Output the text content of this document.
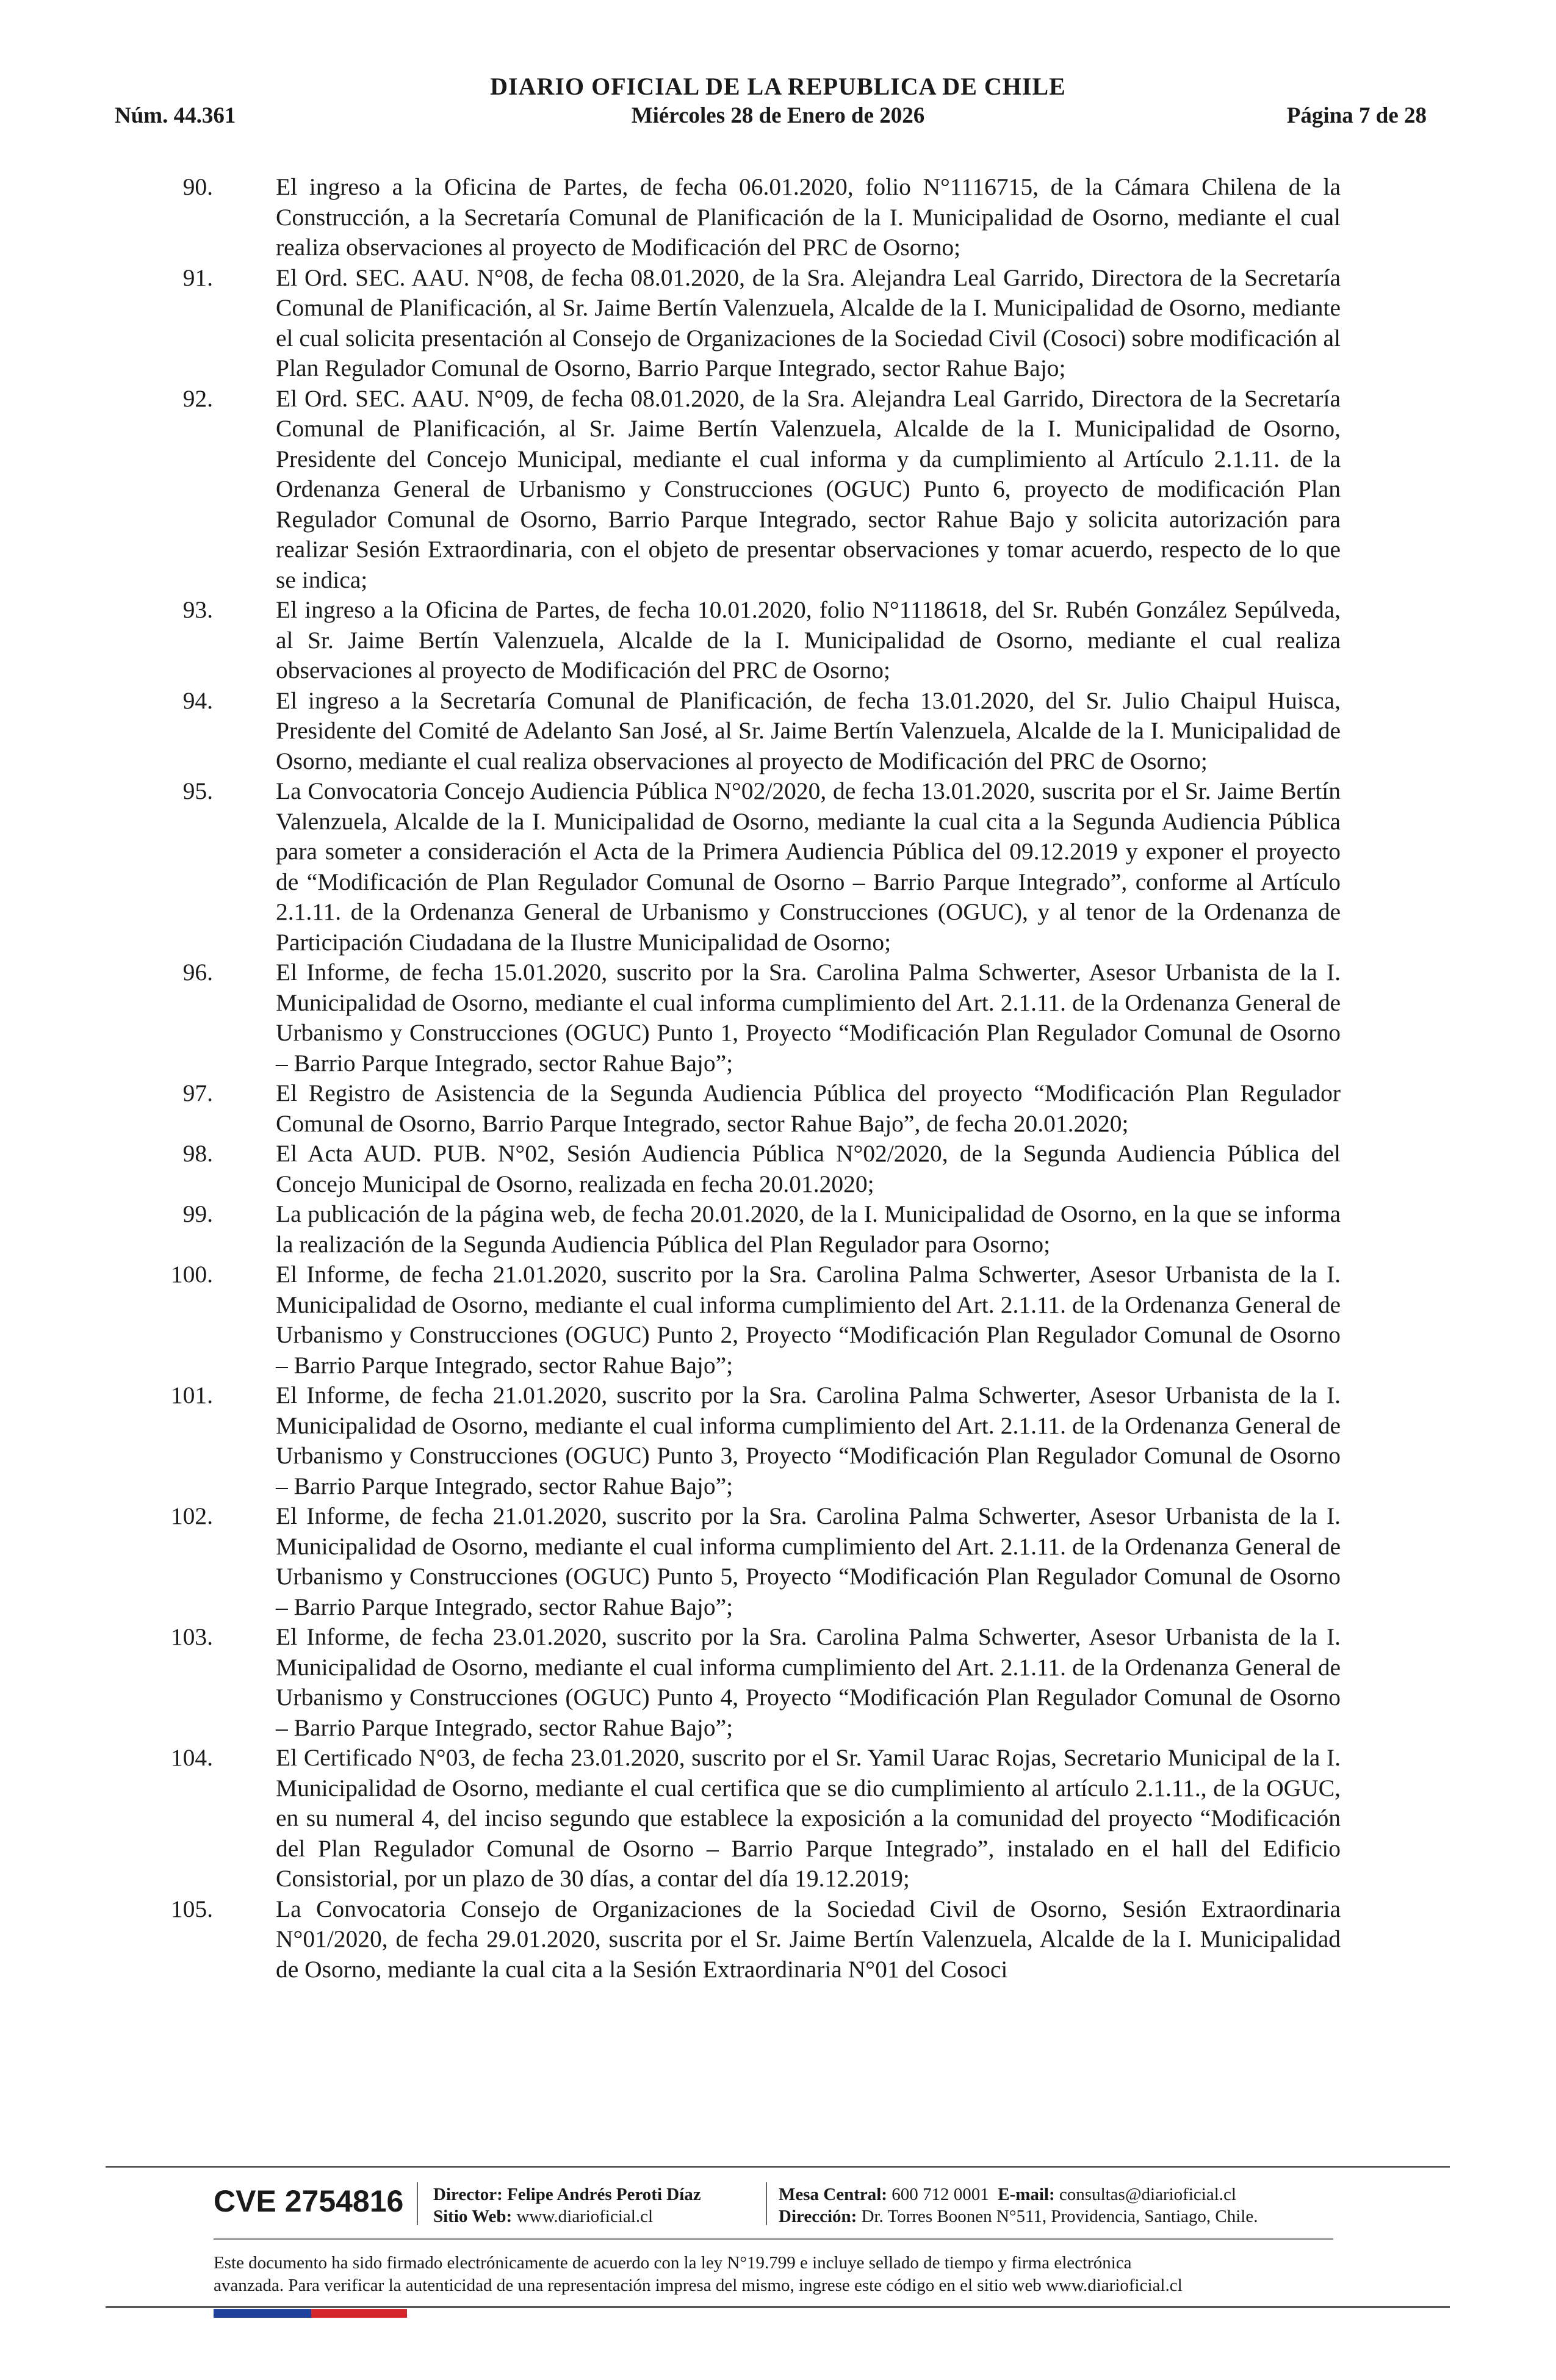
DIARIO OFICIAL DE LA REPUBLICA DE CHILE
Núm. 44.361	Miércoles 28 de Enero de 2026	Página 7 de 28
90.	El ingreso a la Oficina de Partes, de fecha 06.01.2020, folio N°1116715, de la Cámara Chilena de la Construcción, a la Secretaría Comunal de Planificación de la I. Municipalidad de Osorno, mediante el cual realiza observaciones al proyecto de Modificación del PRC de Osorno;
91.	El Ord. SEC. AAU. N°08, de fecha 08.01.2020, de la Sra. Alejandra Leal Garrido, Directora de la Secretaría Comunal de Planificación, al Sr. Jaime Bertín Valenzuela, Alcalde de la I. Municipalidad de Osorno, mediante el cual solicita presentación al Consejo de Organizaciones de la Sociedad Civil (Cosoci) sobre modificación al Plan Regulador Comunal de Osorno, Barrio Parque Integrado, sector Rahue Bajo;
92.	El Ord. SEC. AAU. N°09, de fecha 08.01.2020, de la Sra. Alejandra Leal Garrido, Directora de la Secretaría Comunal de Planificación, al Sr. Jaime Bertín Valenzuela, Alcalde de la I. Municipalidad de Osorno, Presidente del Concejo Municipal, mediante el cual informa y da cumplimiento al Artículo 2.1.11. de la Ordenanza General de Urbanismo y Construcciones (OGUC) Punto 6, proyecto de modificación Plan Regulador Comunal de Osorno, Barrio Parque Integrado, sector Rahue Bajo y solicita autorización para realizar Sesión Extraordinaria, con el objeto de presentar observaciones y tomar acuerdo, respecto de lo que se indica;
93.	El ingreso a la Oficina de Partes, de fecha 10.01.2020, folio N°1118618, del Sr. Rubén González Sepúlveda, al Sr. Jaime Bertín Valenzuela, Alcalde de la I. Municipalidad de Osorno, mediante el cual realiza observaciones al proyecto de Modificación del PRC de Osorno;
94.	El ingreso a la Secretaría Comunal de Planificación, de fecha 13.01.2020, del Sr. Julio Chaipul Huisca, Presidente del Comité de Adelanto San José, al Sr. Jaime Bertín Valenzuela, Alcalde de la I. Municipalidad de Osorno, mediante el cual realiza observaciones al proyecto de Modificación del PRC de Osorno;
95.	La Convocatoria Concejo Audiencia Pública N°02/2020, de fecha 13.01.2020, suscrita por el Sr. Jaime Bertín Valenzuela, Alcalde de la I. Municipalidad de Osorno, mediante la cual cita a la Segunda Audiencia Pública para someter a consideración el Acta de la Primera Audiencia Pública del 09.12.2019 y exponer el proyecto de “Modificación de Plan Regulador Comunal de Osorno – Barrio Parque Integrado”, conforme al Artículo 2.1.11. de la Ordenanza General de Urbanismo y Construcciones (OGUC), y al tenor de la Ordenanza de Participación Ciudadana de la Ilustre Municipalidad de Osorno;
96.	El Informe, de fecha 15.01.2020, suscrito por la Sra. Carolina Palma Schwerter, Asesor Urbanista de la I. Municipalidad de Osorno, mediante el cual informa cumplimiento del Art. 2.1.11. de la Ordenanza General de Urbanismo y Construcciones (OGUC) Punto 1, Proyecto “Modificación Plan Regulador Comunal de Osorno – Barrio Parque Integrado, sector Rahue Bajo”;
97.	El Registro de Asistencia de la Segunda Audiencia Pública del proyecto “Modificación Plan Regulador Comunal de Osorno, Barrio Parque Integrado, sector Rahue Bajo”, de fecha 20.01.2020;
98.	El Acta AUD. PUB. N°02, Sesión Audiencia Pública N°02/2020, de la Segunda Audiencia Pública del Concejo Municipal de Osorno, realizada en fecha 20.01.2020;
99.	La publicación de la página web, de fecha 20.01.2020, de la I. Municipalidad de Osorno, en la que se informa la realización de la Segunda Audiencia Pública del Plan Regulador para Osorno;
100.	El Informe, de fecha 21.01.2020, suscrito por la Sra. Carolina Palma Schwerter, Asesor Urbanista de la I. Municipalidad de Osorno, mediante el cual informa cumplimiento del Art. 2.1.11. de la Ordenanza General de Urbanismo y Construcciones (OGUC) Punto 2, Proyecto “Modificación Plan Regulador Comunal de Osorno – Barrio Parque Integrado, sector Rahue Bajo”;
101.	El Informe, de fecha 21.01.2020, suscrito por la Sra. Carolina Palma Schwerter, Asesor Urbanista de la I. Municipalidad de Osorno, mediante el cual informa cumplimiento del Art. 2.1.11. de la Ordenanza General de Urbanismo y Construcciones (OGUC) Punto 3, Proyecto “Modificación Plan Regulador Comunal de Osorno – Barrio Parque Integrado, sector Rahue Bajo”;
102.	El Informe, de fecha 21.01.2020, suscrito por la Sra. Carolina Palma Schwerter, Asesor Urbanista de la I. Municipalidad de Osorno, mediante el cual informa cumplimiento del Art. 2.1.11. de la Ordenanza General de Urbanismo y Construcciones (OGUC) Punto 5, Proyecto “Modificación Plan Regulador Comunal de Osorno – Barrio Parque Integrado, sector Rahue Bajo”;
103.	El Informe, de fecha 23.01.2020, suscrito por la Sra. Carolina Palma Schwerter, Asesor Urbanista de la I. Municipalidad de Osorno, mediante el cual informa cumplimiento del Art. 2.1.11. de la Ordenanza General de Urbanismo y Construcciones (OGUC) Punto 4, Proyecto “Modificación Plan Regulador Comunal de Osorno – Barrio Parque Integrado, sector Rahue Bajo”;
104.	El Certificado N°03, de fecha 23.01.2020, suscrito por el Sr. Yamil Uarac Rojas, Secretario Municipal de la I. Municipalidad de Osorno, mediante el cual certifica que se dio cumplimiento al artículo 2.1.11., de la OGUC, en su numeral 4, del inciso segundo que establece la exposición a la comunidad del proyecto “Modificación del Plan Regulador Comunal de Osorno – Barrio Parque Integrado”, instalado en el hall del Edificio Consistorial, por un plazo de 30 días, a contar del día 19.12.2019;
105.	La Convocatoria Consejo de Organizaciones de la Sociedad Civil de Osorno, Sesión Extraordinaria N°01/2020, de fecha 29.01.2020, suscrita por el Sr. Jaime Bertín Valenzuela, Alcalde de la I. Municipalidad de Osorno, mediante la cual cita a la Sesión Extraordinaria N°01 del Cosoci
CVE 2754816 Director: Felipe Andrés Peroti Díaz
Sitio Web: www.diarioficial.cl
Mesa Central: 600 712 0001 E-mail: consultas@diarioficial.cl
Dirección: Dr. Torres Boonen N°511, Providencia, Santiago, Chile.
Este documento ha sido firmado electrónicamente de acuerdo con la ley N°19.799 e incluye sellado de tiempo y firma electrónica
avanzada. Para verificar la autenticidad de una representación impresa del mismo, ingrese este código en el sitio web www.diarioficial.cl
